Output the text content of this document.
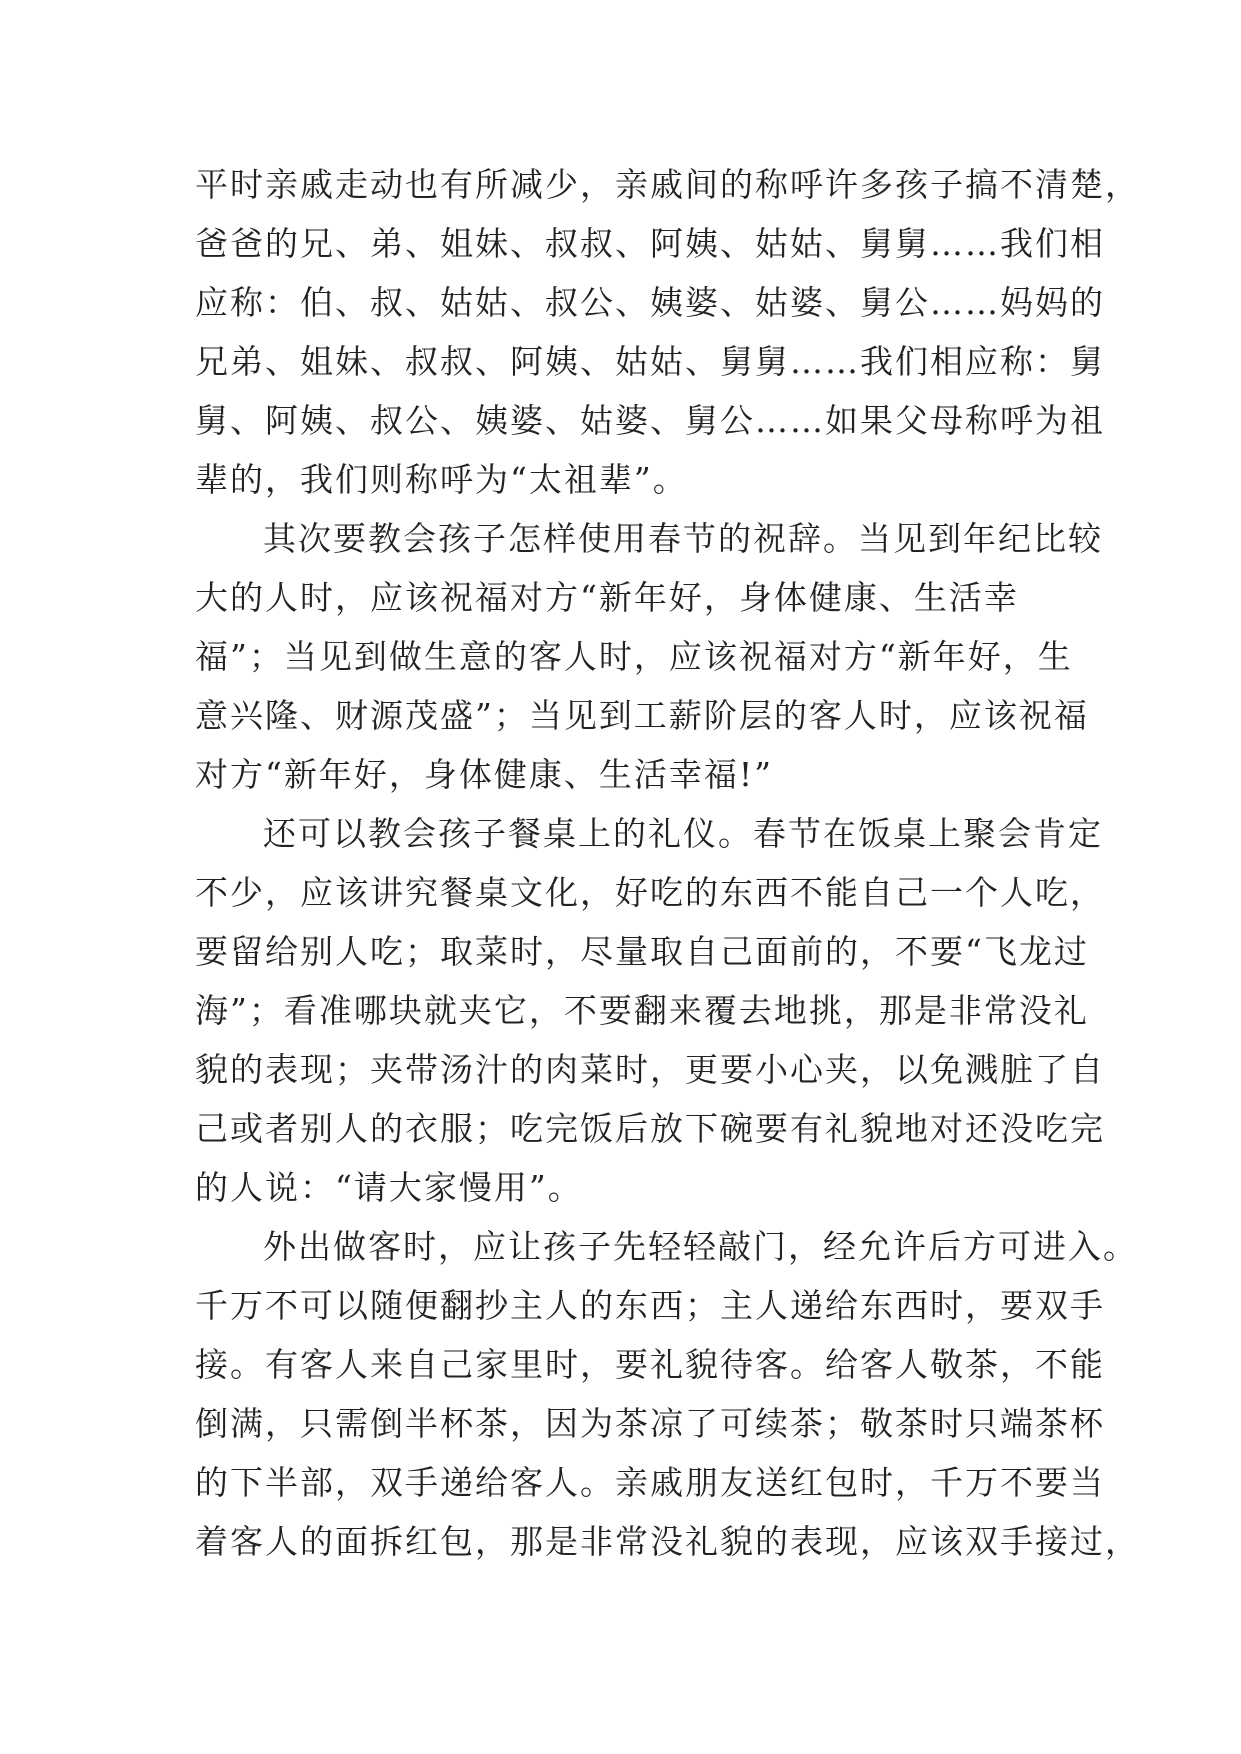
平时亲戚走动也有所减少，亲戚间的称呼许多孩子搞不清楚，
爸爸的兄、弟、姐妹、叔叔、阿姨、姑姑、舅舅……我们相
应称：伯、叔、姑姑、叔公、姨婆、姑婆、舅公……妈妈的
兄弟、姐妹、叔叔、阿姨、姑姑、舅舅……我们相应称：舅
舅、阿姨、叔公、姨婆、姑婆、舅公……如果父母称呼为祖
辈的，我们则称呼为“太祖辈”。
其次要教会孩子怎样使用春节的祝辞。当见到年纪比较
大的人时，应该祝福对方“新年好，身体健康、生活幸
福”；当见到做生意的客人时，应该祝福对方“新年好，生
意兴隆、财源茂盛”；当见到工薪阶层的客人时，应该祝福
对方“新年好，身体健康、生活幸福!”
还可以教会孩子餐桌上的礼仪。春节在饭桌上聚会肯定
不少，应该讲究餐桌文化，好吃的东西不能自己一个人吃，
要留给别人吃；取菜时，尽量取自己面前的，不要“飞龙过
海”；看准哪块就夹它，不要翻来覆去地挑，那是非常没礼
貌的表现；夹带汤汁的肉菜时，更要小心夹，以免溅脏了自
己或者别人的衣服；吃完饭后放下碗要有礼貌地对还没吃完
的人说：“请大家慢用”。
外出做客时，应让孩子先轻轻敲门，经允许后方可进入。
千万不可以随便翻抄主人的东西；主人递给东西时，要双手
接。有客人来自己家里时，要礼貌待客。给客人敬茶，不能
倒满，只需倒半杯茶，因为茶凉了可续茶；敬茶时只端茶杯
的下半部，双手递给客人。亲戚朋友送红包时，千万不要当
着客人的面拆红包，那是非常没礼貌的表现，应该双手接过，
